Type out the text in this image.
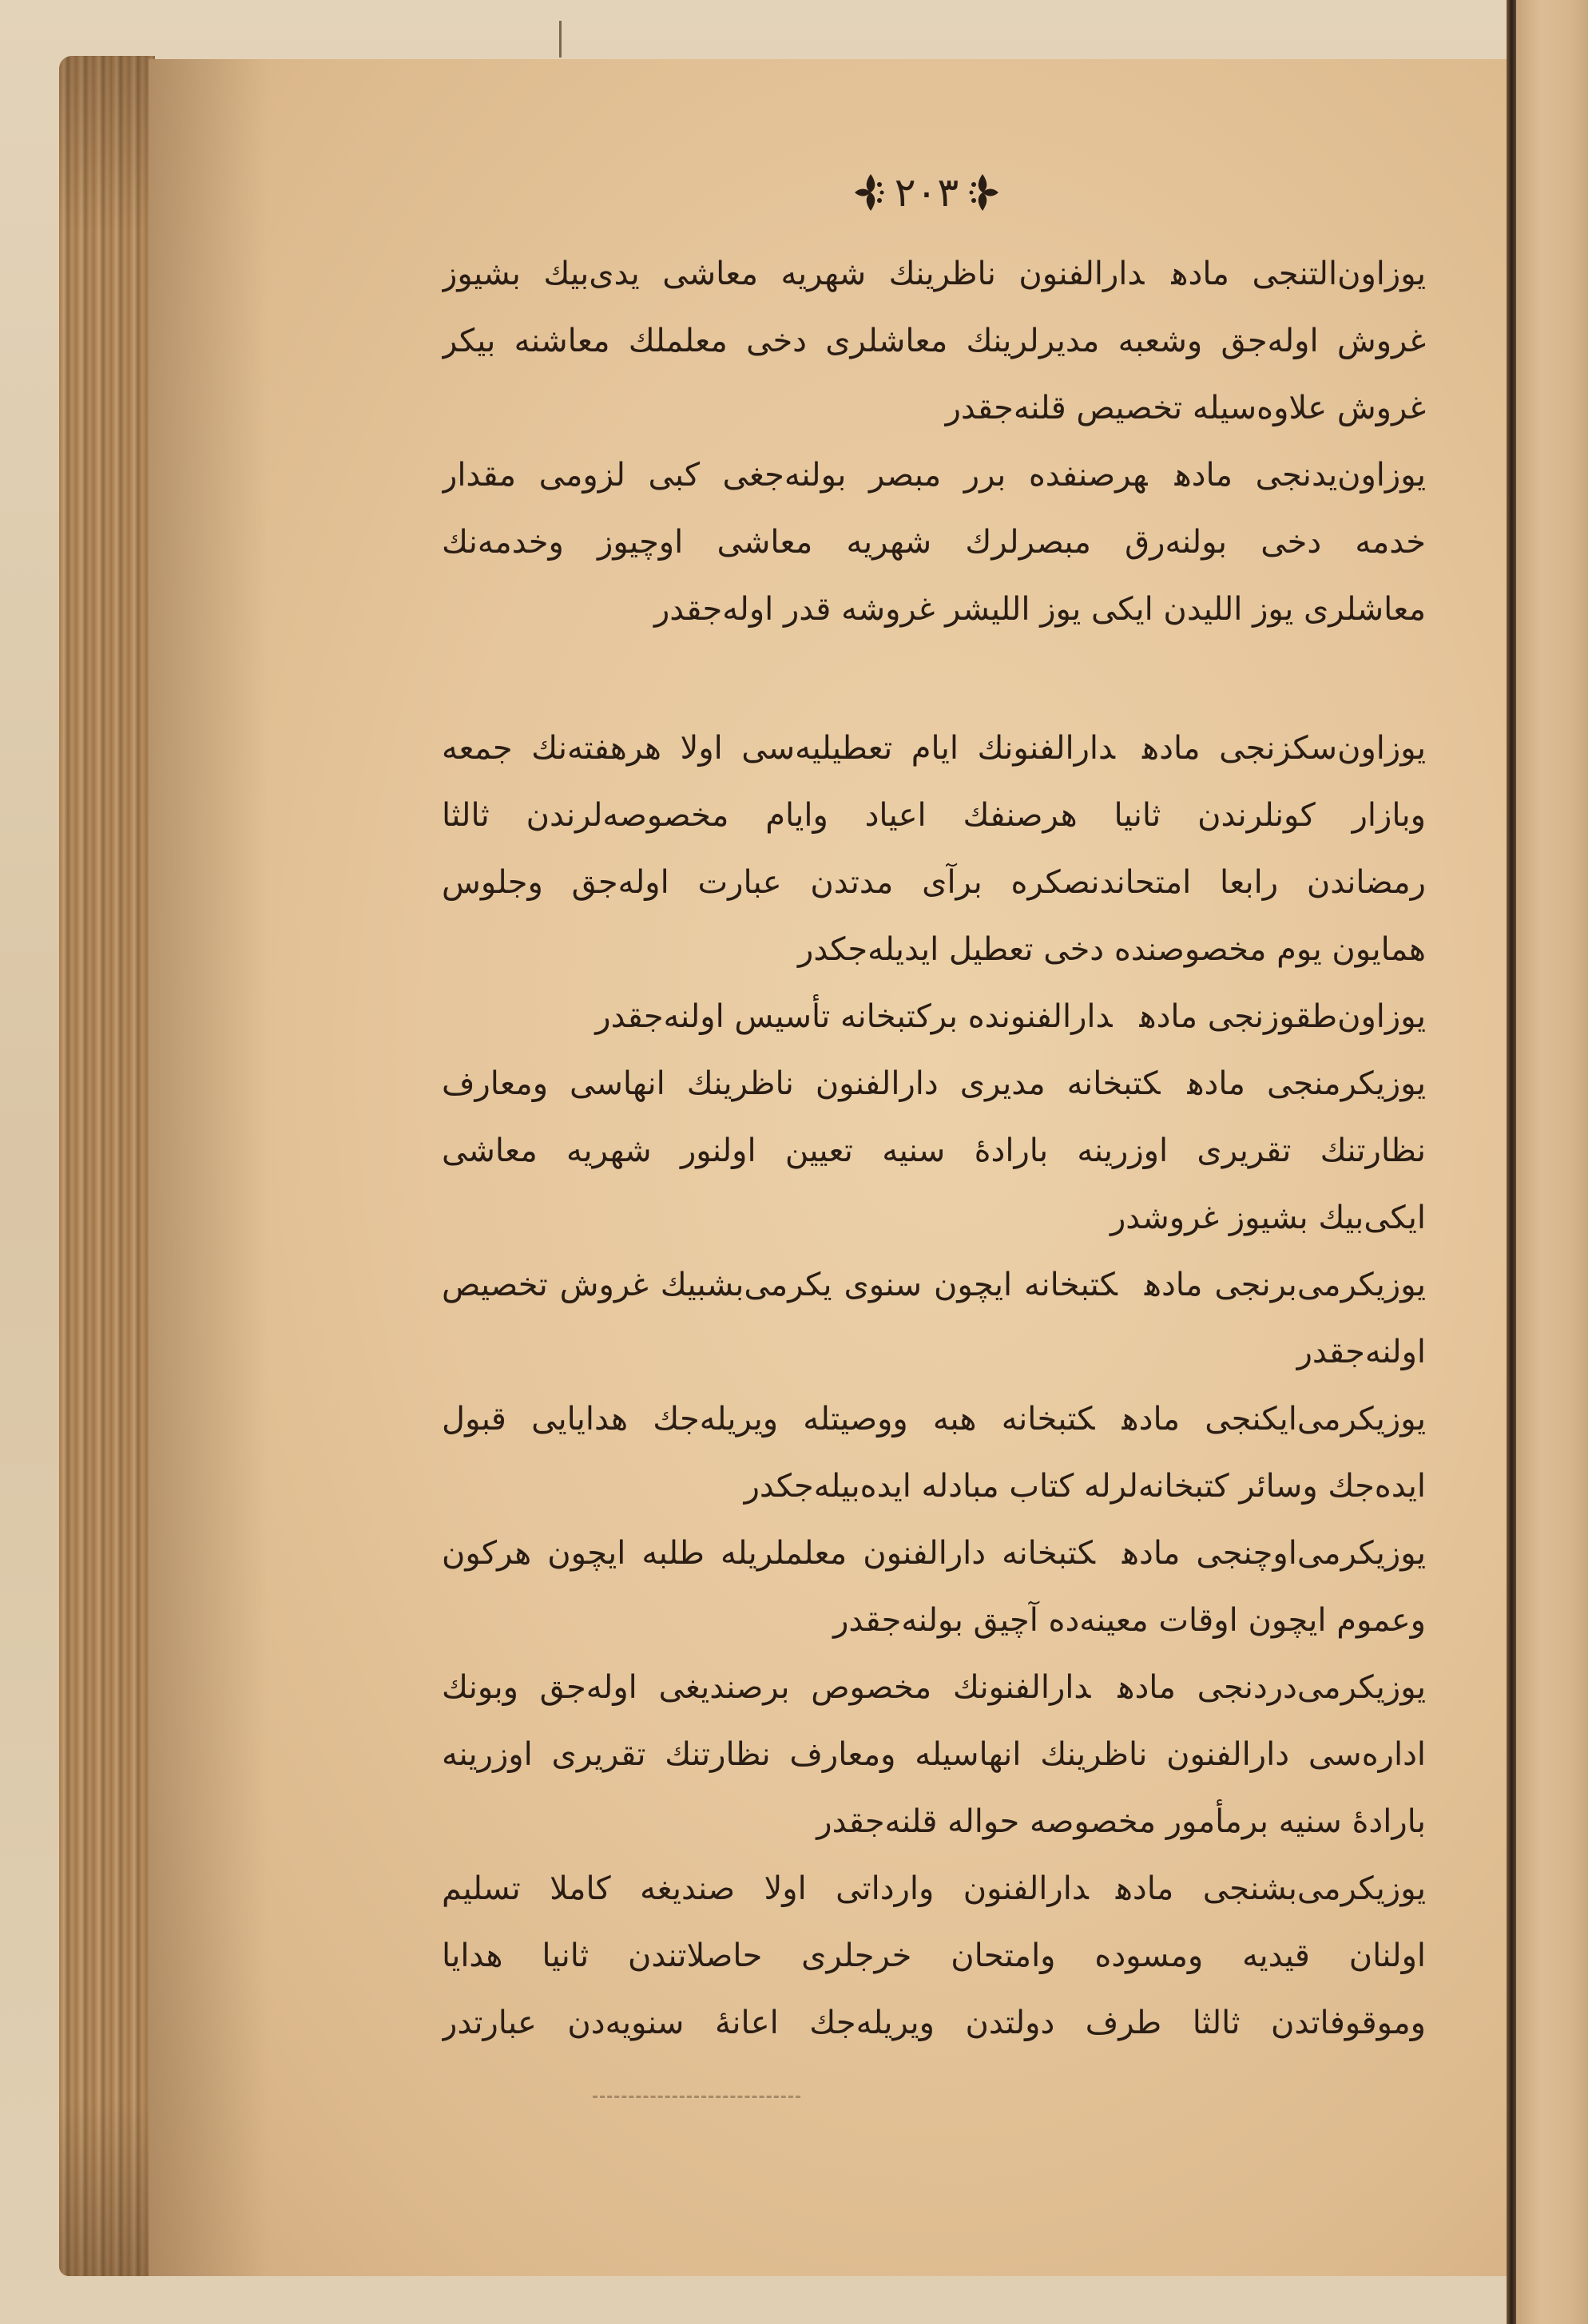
۲۰۳
یوزاون‌التنجی مادهدارالفنون ناظرینك شهریه معاشی یدی‌بیك بشیوز
غروش اوله‌جق وشعبه مدیرلرینك معاشلری دخی معلملك معاشنه بیكر
غروش علاوه‌سیله تخصیص قلنه‌جقدر
یوزاون‌یدنجی مادههرصنفده برر مبصر بولنه‌جغی كبی لزومی مقدار
خدمه دخی بولنه‌رق مبصرلرك شهریه معاشی اوچیوز وخدمه‌نك
معاشلری یوز اللیدن ایكی یوز اللیشر غروشه قدر اوله‌جقدر
یوزاون‌سكزنجی مادهدارالفنونك ایام تعطیلیه‌سی اولا هرهفته‌نك جمعه
وبازار كونلرندن ثانیا هرصنفك اعیاد وایام مخصوصه‌لرندن ثالثا
رمضاندن رابعا امتحاندنصكره برآی مدتدن عبارت اوله‌جق وجلوس
همایون یوم مخصوصنده دخی تعطیل ایدیله‌جكدر
یوزاون‌طقوزنجی مادهدارالفنونده بركتبخانه تأسیس اولنه‌جقدر
یوزیكرمنجی مادهكتبخانه مدیری دارالفنون ناظرینك انهاسی ومعارف
نظارتنك تقریری اوزرینه بارادهٔ سنیه تعیین اولنور شهریه معاشی
ایكی‌بیك بشیوز غروشدر
یوزیكرمی‌برنجی مادهكتبخانه ایچون سنوی یكرمی‌بشبیك غروش تخصیص
اولنه‌جقدر
یوزیكرمی‌ایكنجی مادهكتبخانه هبه ووصیتله ویریله‌جك هدایایی قبول
ایده‌جك وسائر كتبخانه‌لرله كتاب مبادله ایده‌بیله‌جكدر
یوزیكرمی‌اوچنجی مادهكتبخانه دارالفنون معلملریله طلبه ایچون هركون
وعموم ایچون اوقات معینه‌ده آچیق بولنه‌جقدر
یوزیكرمی‌دردنجی مادهدارالفنونك مخصوص برصندیغی اوله‌جق وبونك
اداره‌سی دارالفنون ناظرینك انهاسیله ومعارف نظارتنك تقریری اوزرینه
بارادهٔ سنیه برمأمور مخصوصه حواله قلنه‌جقدر
یوزیكرمی‌بشنجی مادهدارالفنون وارداتی اولا صندیغه كاملا تسلیم
اولنان قیدیه ومسوده وامتحان خرجلری حاصلاتندن ثانیا هدایا
وموقوفاتدن ثالثا طرف دولتدن ویریله‌جك اعانهٔ سنویه‌دن عبارتدر
